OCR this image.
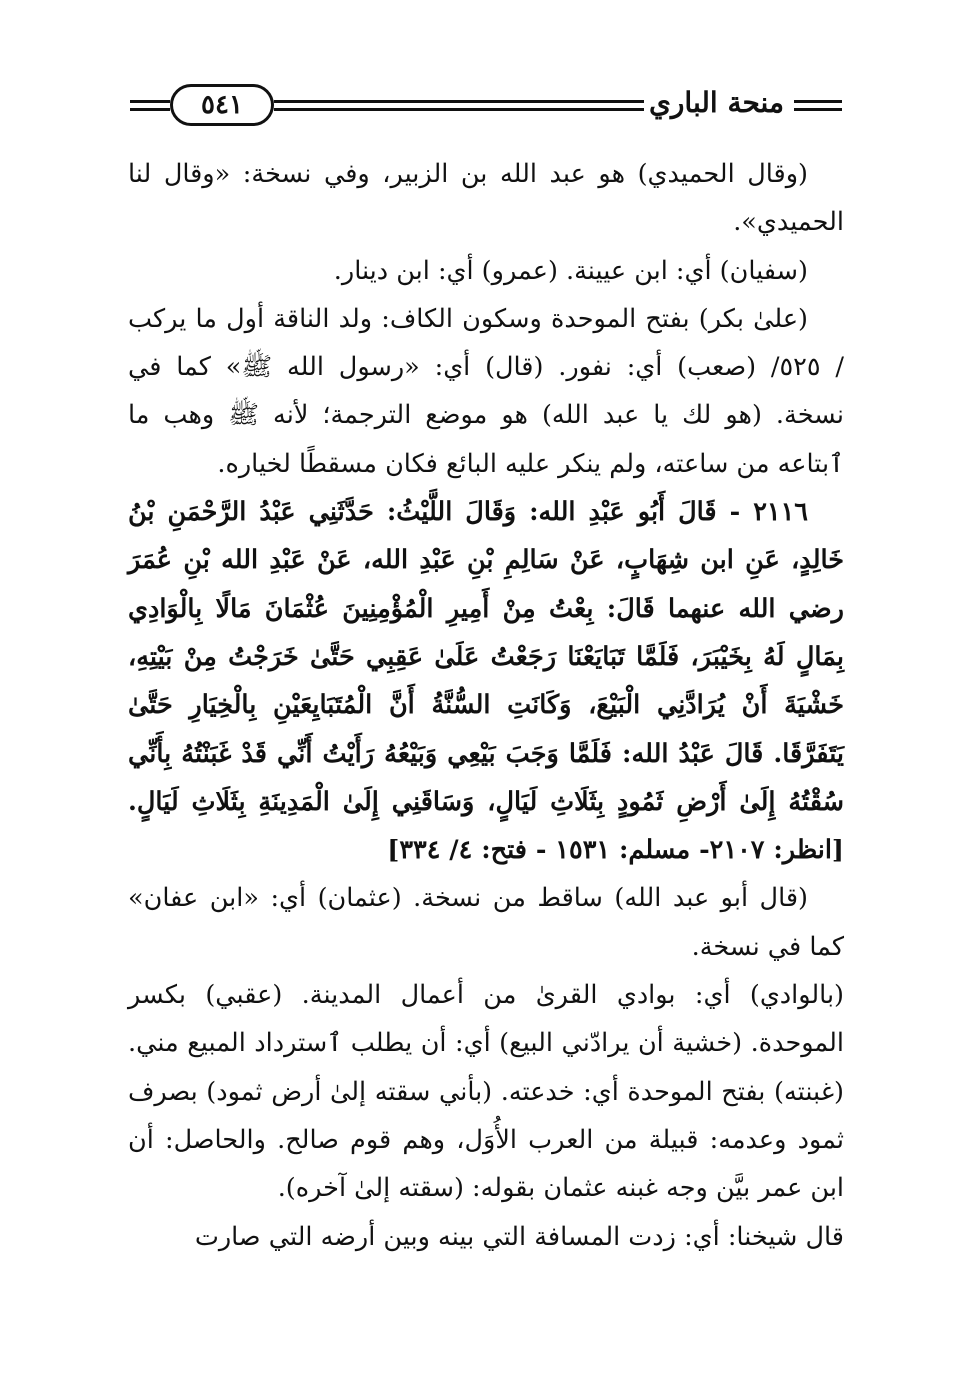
منحة الباري
٥٤١

(وقال الحميدي) هو عبد الله بن الزبير، وفي نسخة: «وقال لنا الحميدي».

(سفيان) أي: ابن عيينة. (عمرو) أي: ابن دينار.

(علىٰ بكر) بفتح الموحدة وسكون الكاف: ولد الناقة أول ما يركب / ٥٢٥/ (صعب) أي: نفور. (قال) أي: «رسول الله ﷺ» كما في نسخة. (هو لك يا عبد الله) هو موضع الترجمة؛ لأنه ﷺ وهب ما ٱبتاعه من ساعته، ولم ينكر عليه البائع فكان مسقطًا لخياره.

٢١١٦ - قَالَ أَبُو عَبْدِ الله: وَقَالَ اللَّيْثُ: حَدَّثَنِي عَبْدُ الرَّحْمَنِ بْنُ خَالِدٍ، عَنِ ابن شِهَابٍ، عَنْ سَالِمِ بْنِ عَبْدِ الله، عَنْ عَبْدِ الله بْنِ عُمَرَ رضي الله عنهما قَالَ: بِعْتُ مِنْ أَمِيرِ الْمُؤْمِنِينَ عُثْمَانَ مَالًا بِالْوَادِي بِمَالٍ لَهُ بِخَيْبَرَ، فَلَمَّا تَبَايَعْنَا رَجَعْتُ عَلَىٰ عَقِبِي حَتَّىٰ خَرَجْتُ مِنْ بَيْتِهِ، خَشْيَةَ أَنْ يُرَادَّنِي الْبَيْعَ، وَكَانَتِ السُّنَّةُ أَنَّ الْمُتَبَايِعَيْنِ بِالْخِيَارِ حَتَّىٰ يَتَفَرَّقَا. قَالَ عَبْدُ الله: فَلَمَّا وَجَبَ بَيْعِي وَبَيْعُهُ رَأَيْتُ أَنِّي قَدْ غَبَنْتُهُ بِأَنِّي سُقْتُهُ إِلَىٰ أَرْضِ ثَمُودٍ بِثَلَاثِ لَيَالٍ، وَسَاقَنِي إِلَىٰ الْمَدِينَةِ بِثَلَاثِ لَيَالٍ. [انظر: ٢١٠٧- مسلم: ١٥٣١ - فتح: ٤/ ٣٣٤]

(قال أبو عبد الله) ساقط من نسخة. (عثمان) أي: «ابن عفان» كما في نسخة.

(بالوادي) أي: بوادي القرىٰ من أعمال المدينة. (عقبي) بكسر الموحدة. (خشية أن يرادّني البيع) أي: أن يطلب ٱسترداد المبيع مني. (غبنته) بفتح الموحدة أي: خدعته. (بأني سقته إلىٰ أرض ثمود) بصرف ثمود وعدمه: قبيلة من العرب الأُوَل، وهم قوم صالح. والحاصل: أن ابن عمر بيَّن وجه غبنه عثمان بقوله: (سقته إلىٰ آخره).

قال شيخنا: أي: زدت المسافة التي بينه وبين أرضه التي صارت
